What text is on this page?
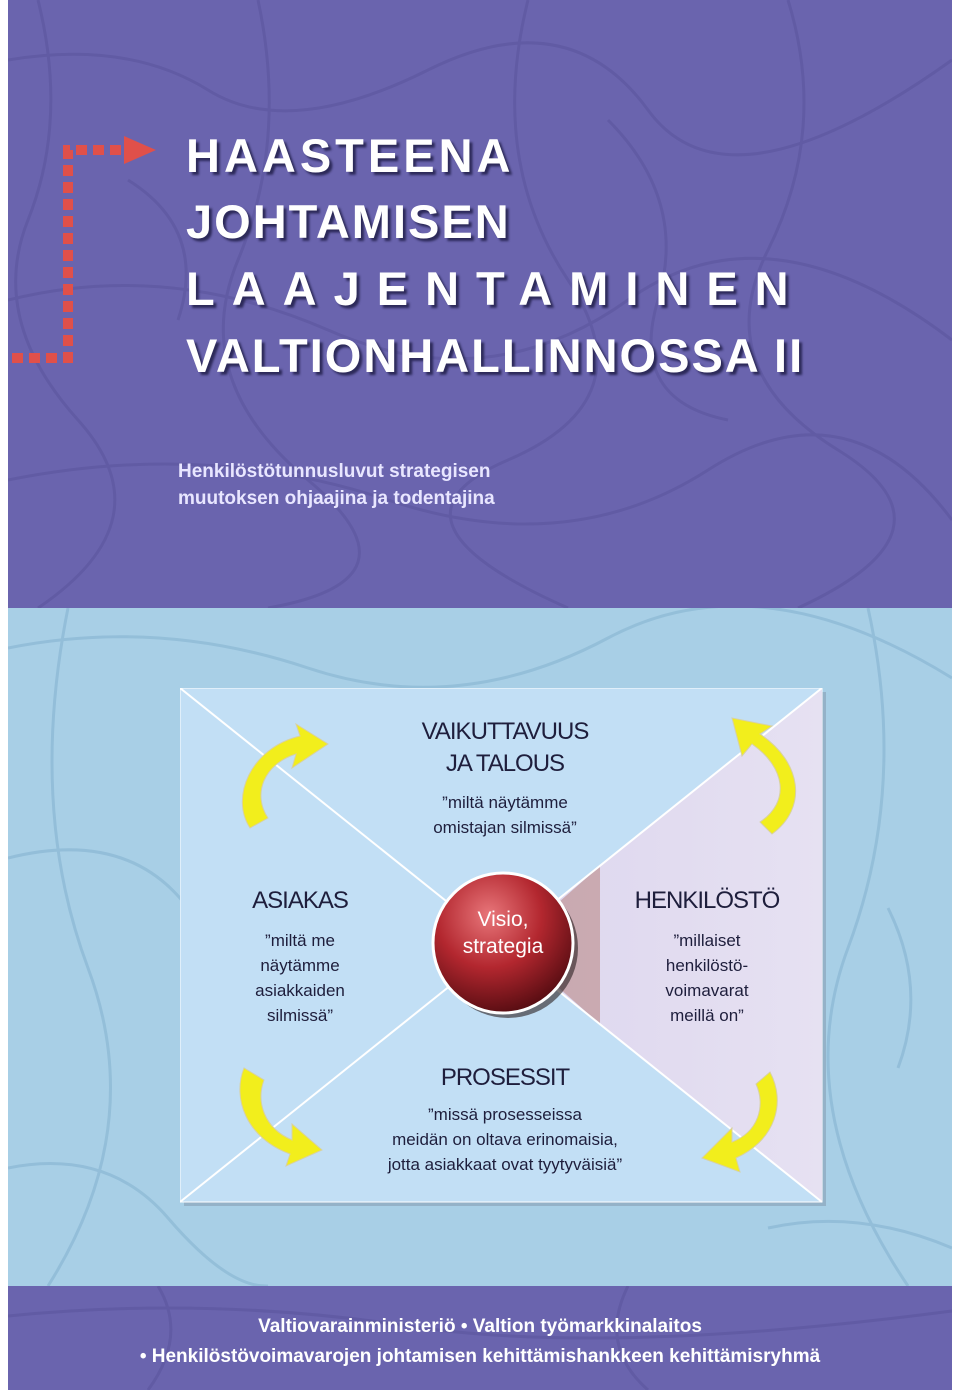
HAASTEENA
JOHTAMISEN
LAAJENTAMINEN
VALTIONHALLINNOSSA II
Henkilöstötunnusluvut strategisen
muutoksen ohjaajina ja todentajina
Visio,
strategia
VAIKUTTAVUUS
JA TALOUS
”miltä näytämme
omistajan silmissä”
ASIAKAS
”miltä me
näytämme
asiakkaiden
silmissä”
HENKILÖSTÖ
”millaiset
henkilöstö-
voimavarat
meillä on”
PROSESSIT
”missä prosesseissa
meidän on oltava erinomaisia,
jotta asiakkaat ovat tyytyväisiä”
Valtiovarainministeriö • Valtion työmarkkinalaitos
• Henkilöstövoimavarojen johtamisen kehittämishankkeen kehittämisryhmä
